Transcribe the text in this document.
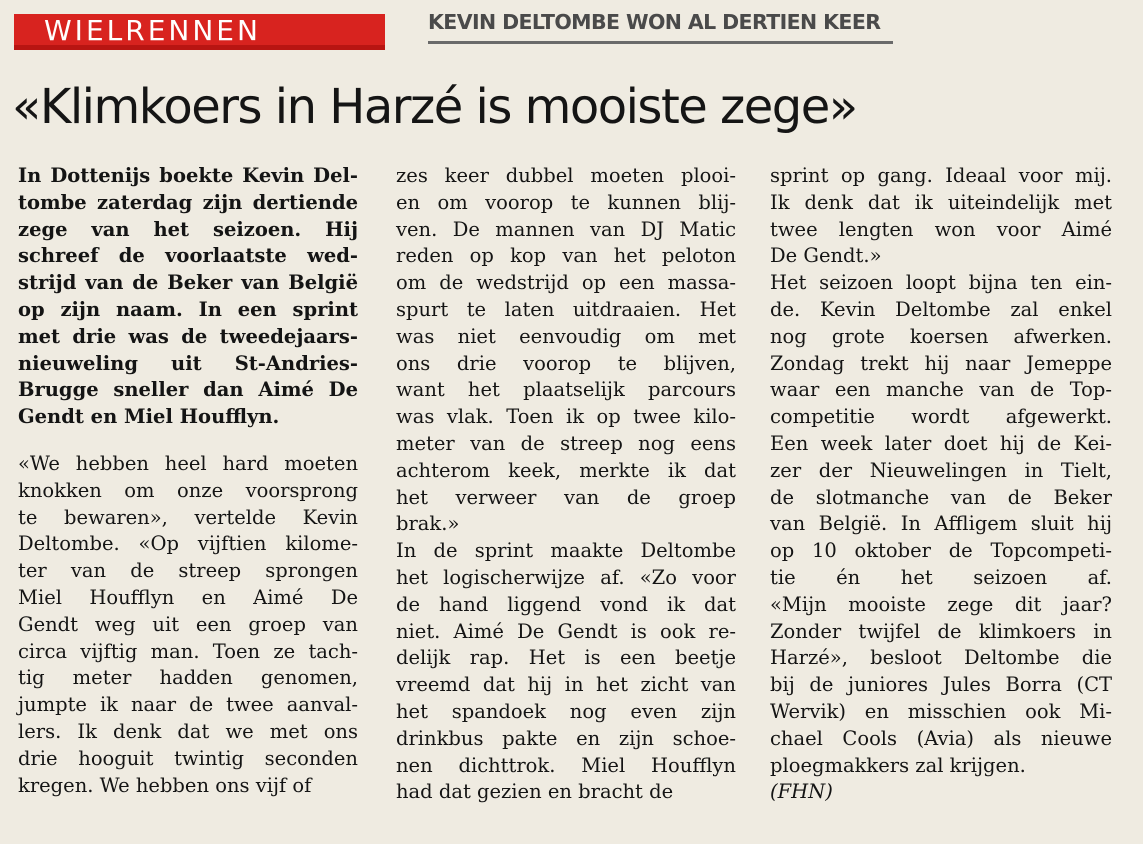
WIELRENNEN	KEVIN DELTOMBE WON AL DERTIEN KEER
«Klimkoers in Harzé is mooiste zege»
In Dottenijs boekte Kevin Del-
tombe zaterdag zijn dertiende
zege van het seizoen. Hij
schreef de voorlaatste wed-
strijd van de Beker van België
op zijn naam. In een sprint
met drie was de tweedejaars-
nieuweling uit St-Andries-
Brugge sneller dan Aimé De
Gendt en Miel Houfflyn.
«We hebben heel hard moeten
knokken om onze voorsprong
te bewaren», vertelde Kevin
Deltombe. «Op vijftien kilome-
ter van de streep sprongen
Miel Houfflyn en Aimé De
Gendt weg uit een groep van
circa vijftig man. Toen ze tach-
tig meter hadden genomen,
jumpte ik naar de twee aanval-
lers. Ik denk dat we met ons
drie hooguit twintig seconden
kregen. We hebben ons vijf of
zes keer dubbel moeten plooi-
en om voorop te kunnen blij-
ven. De mannen van DJ Matic
reden op kop van het peloton
om de wedstrijd op een massa-
spurt te laten uitdraaien. Het
was niet eenvoudig om met
ons drie voorop te blijven,
want het plaatselijk parcours
was vlak. Toen ik op twee kilo-
meter van de streep nog eens
achterom keek, merkte ik dat
het verweer van de groep
brak.»
In de sprint maakte Deltombe
het logischerwijze af. «Zo voor
de hand liggend vond ik dat
niet. Aimé De Gendt is ook re-
delijk rap. Het is een beetje
vreemd dat hij in het zicht van
het spandoek nog even zijn
drinkbus pakte en zijn schoe-
nen dichttrok. Miel Houfflyn
had dat gezien en bracht de
sprint op gang. Ideaal voor mij.
Ik denk dat ik uiteindelijk met
twee lengten won voor Aimé
De Gendt.»
Het seizoen loopt bijna ten ein-
de. Kevin Deltombe zal enkel
nog grote koersen afwerken.
Zondag trekt hij naar Jemeppe
waar een manche van de Top-
competitie wordt afgewerkt.
Een week later doet hij de Kei-
zer der Nieuwelingen in Tielt,
de slotmanche van de Beker
van België. In Affligem sluit hij
op 10 oktober de Topcompeti-
tie én het seizoen af.
«Mijn mooiste zege dit jaar?
Zonder twijfel de klimkoers in
Harzé», besloot Deltombe die
bij de juniores Jules Borra (CT
Wervik) en misschien ook Mi-
chael Cools (Avia) als nieuwe
ploegmakkers zal krijgen.
(FHN)
